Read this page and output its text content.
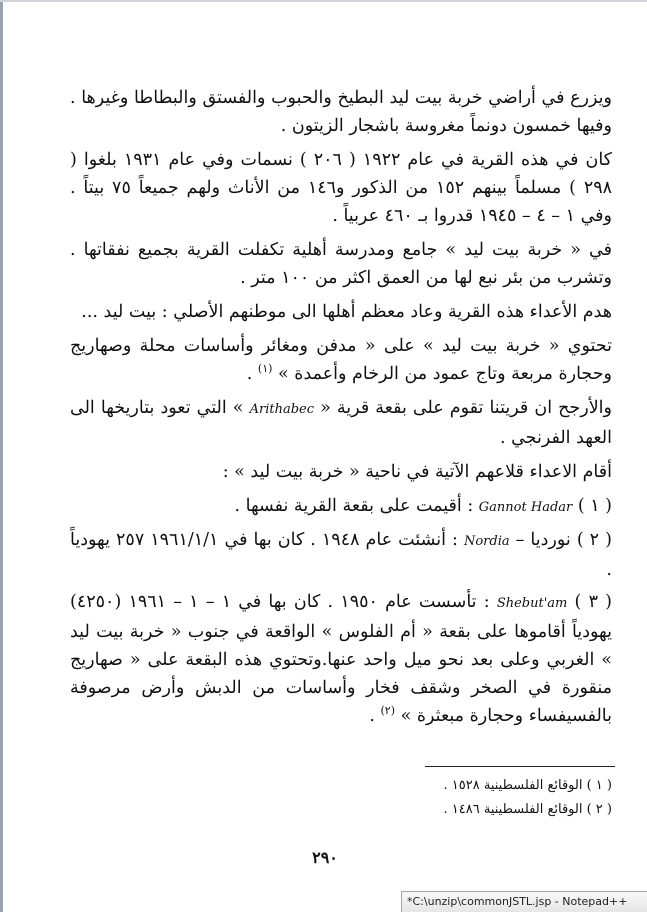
ويزرع في أراضي خربة بيت ليد البطيخ والحبوب والفستق والبطاطا وغيرها . وفيها خمسون دونماً مغروسة باشجار الزيتون .

كان في هذه القرية في عام ١٩٢٢ ( ٢٠٦ ) نسمات وفي عام ١٩٣١ بلغوا ( ٢٩٨ ) مسلماً بينهم ١٥٢ من الذكور و١٤٦ من الأناث ولهم جميعاً ٧٥ بيتاً . وفي ١ – ٤ – ١٩٤٥ قدروا بـ ٤٦٠ عربياً .

في « خربة بيت ليد » جامع ومدرسة أهلية تكفلت القرية بجميع نفقاتها . وتشرب من بئر نبع لها من العمق اكثر من ١٠٠ متر .

هدم الأعداء هذه القرية وعاد معظم أهلها الى موطنهم الأصلي : بيت ليد ...

تحتوي « خربة بيت ليد » على « مدفن ومغائر وأساسات محلة وصهاريج وحجارة مربعة وتاج عمود من الرخام وأعمدة » $^{(١)}$ .

والأرجح ان قريتنا تقوم على بقعة قرية « Arithabec » التي تعود بتاريخها الى العهد الفرنجي .

أقام الاعداء قلاعهم الآتية في ناحية « خربة بيت ليد » :

( ١ ) Gannot Hadar : أقيمت على بقعة القرية نفسها .

( ٢ ) نورديا – Nordia : أنشئت عام ١٩٤٨ . كان بها في ١٩٦١/١/١ ٢٥٧ يهودياً .

( ٣ ) Shebut'am : تأسست عام ١٩٥٠ . كان بها في ١ – ١ – ١٩٦١ (٤٢٥٠) يهودياً أقاموها على بقعة « أم الفلوس » الواقعة في جنوب « خربة بيت ليد » الغربي وعلى بعد نحو ميل واحد عنها.وتحتوي هذه البقعة على « صهاريج منقورة في الصخر وشقف فخار وأساسات من الدبش وأرض مرصوفة بالفسيفساء وحجارة مبعثرة » $^{(٢)}$ .

( ١ ) الوقائع الفلسطينية ١٥٢٨ .
( ٢ ) الوقائع الفلسطينية ١٤٨٦ .
٢٩٠
*C:\unzip\commonJSTL.jsp - Notepad++
